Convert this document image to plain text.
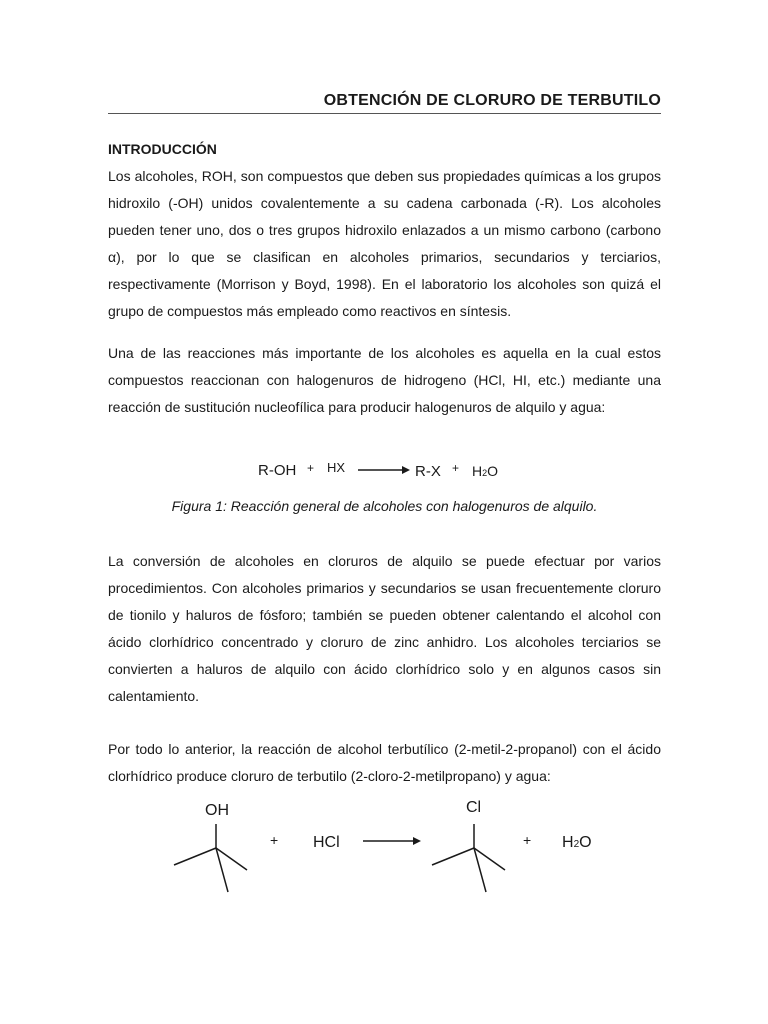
OBTENCIÓN DE CLORURO DE TERBUTILO
INTRODUCCIÓN

Los alcoholes, ROH, son compuestos que deben sus propiedades químicas a los grupos hidroxilo (-OH) unidos covalentemente a su cadena carbonada (-R). Los alcoholes pueden tener uno, dos o tres grupos hidroxilo enlazados a un mismo carbono (carbono α), por lo que se clasifican en alcoholes primarios, secundarios y terciarios, respectivamente (Morrison y Boyd, 1998). En el laboratorio los alcoholes son quizá el grupo de compuestos más empleado como reactivos en síntesis.

Una de las reacciones más importante de los alcoholes es aquella en la cual estos compuestos reaccionan con halogenuros de hidrogeno (HCl, HI, etc.) mediante una reacción de sustitución nucleofílica para producir halogenuros de alquilo y agua:

R-OH + HX	R-X + H2O
Figura 1: Reacción general de alcoholes con halogenuros de alquilo.

La conversión de alcoholes en cloruros de alquilo se puede efectuar por varios procedimientos. Con alcoholes primarios y secundarios se usan frecuentemente cloruro de tionilo y haluros de fósforo; también se pueden obtener calentando el alcohol con ácido clorhídrico concentrado y cloruro de zinc anhidro. Los alcoholes terciarios se convierten a haluros de alquilo con ácido clorhídrico solo y en algunos casos sin calentamiento.

Por todo lo anterior, la reacción de alcohol terbutílico (2-metil-2-propanol) con el ácido clorhídrico produce cloruro de terbutilo (2-cloro-2-metilpropano) y agua:

OH
+ HCl
Cl
+ H2O
